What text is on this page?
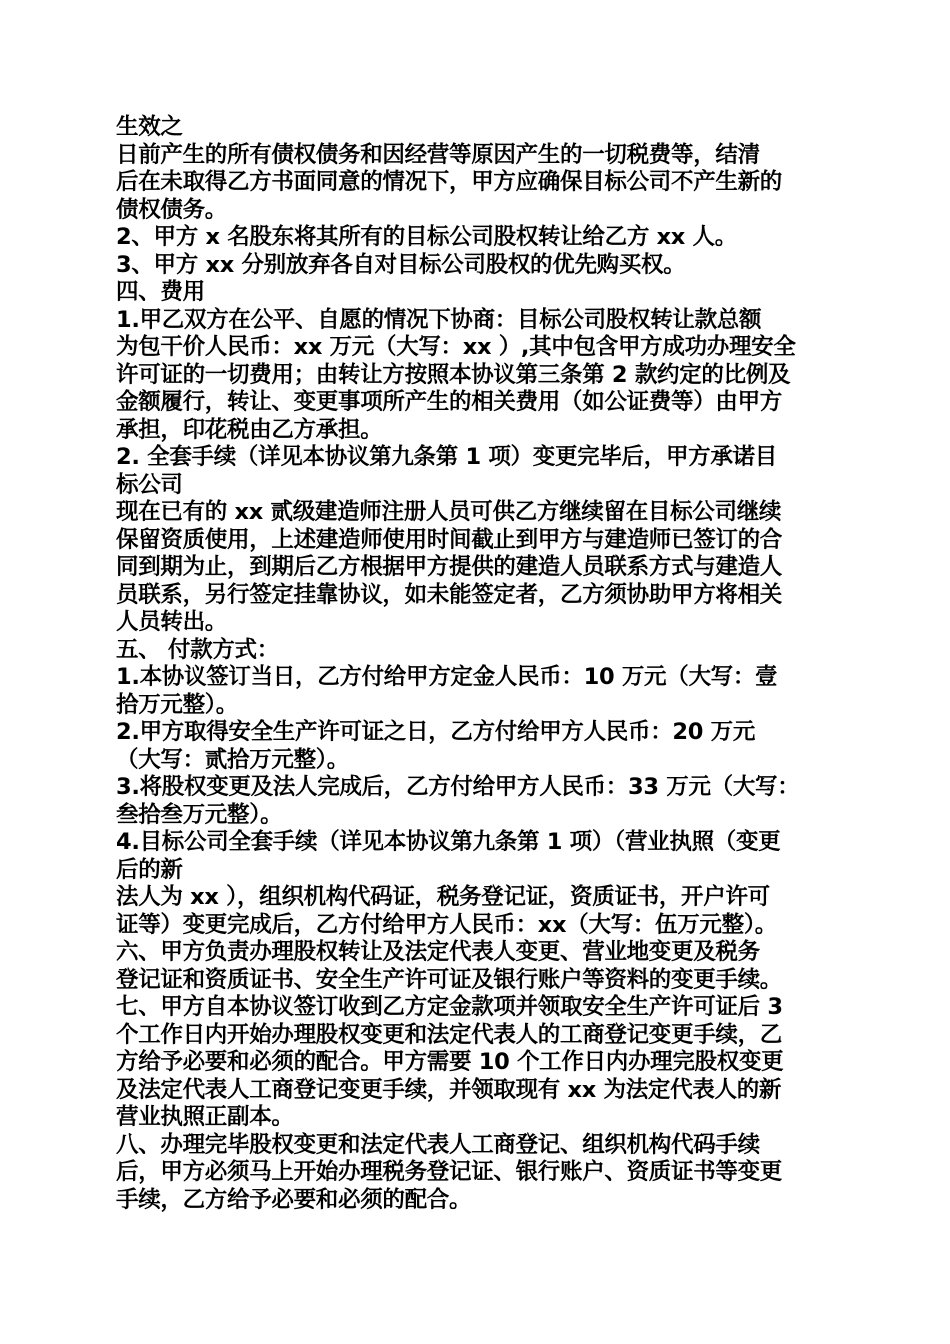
生效之
日前产生的所有债权债务和因经营等原因产生的一切税费等，结清
后在未取得乙方书面同意的情况下，甲方应确保目标公司不产生新的
债权债务。
2、甲方 x 名股东将其所有的目标公司股权转让给乙方 xx 人。
3、甲方 xx 分别放弃各自对目标公司股权的优先购买权。
四、费用
1.甲乙双方在公平、自愿的情况下协商：目标公司股权转让款总额
为包干价人民币：xx 万元（大写：xx ）,其中包含甲方成功办理安全
许可证的一切费用；由转让方按照本协议第三条第 2 款约定的比例及
金额履行，转让、变更事项所产生的相关费用（如公证费等）由甲方
承担，印花税由乙方承担。
2. 全套手续（详见本协议第九条第 1 项）变更完毕后，甲方承诺目
标公司
现在已有的 xx 贰级建造师注册人员可供乙方继续留在目标公司继续
保留资质使用，上述建造师使用时间截止到甲方与建造师已签订的合
同到期为止，到期后乙方根据甲方提供的建造人员联系方式与建造人
员联系，另行签定挂靠协议，如未能签定者，乙方须协助甲方将相关
人员转出。
五、 付款方式：
1.本协议签订当日，乙方付给甲方定金人民币：10 万元（大写：壹
拾万元整）。
2.甲方取得安全生产许可证之日，乙方付给甲方人民币：20 万元
（大写：贰拾万元整）。
3.将股权变更及法人完成后，乙方付给甲方人民币：33 万元（大写：
叁拾叁万元整）。
4.目标公司全套手续（详见本协议第九条第 1 项）（营业执照（变更
后的新
法人为 xx ），组织机构代码证，税务登记证，资质证书，开户许可
证等）变更完成后，乙方付给甲方人民币：xx（大写：伍万元整）。
六、甲方负责办理股权转让及法定代表人变更、营业地变更及税务
登记证和资质证书、安全生产许可证及银行账户等资料的变更手续。
七、甲方自本协议签订收到乙方定金款项并领取安全生产许可证后 3
个工作日内开始办理股权变更和法定代表人的工商登记变更手续，乙
方给予必要和必须的配合。甲方需要 10 个工作日内办理完股权变更
及法定代表人工商登记变更手续，并领取现有 xx 为法定代表人的新
营业执照正副本。
八、办理完毕股权变更和法定代表人工商登记、组织机构代码手续
后，甲方必须马上开始办理税务登记证、银行账户、资质证书等变更
手续，乙方给予必要和必须的配合。
